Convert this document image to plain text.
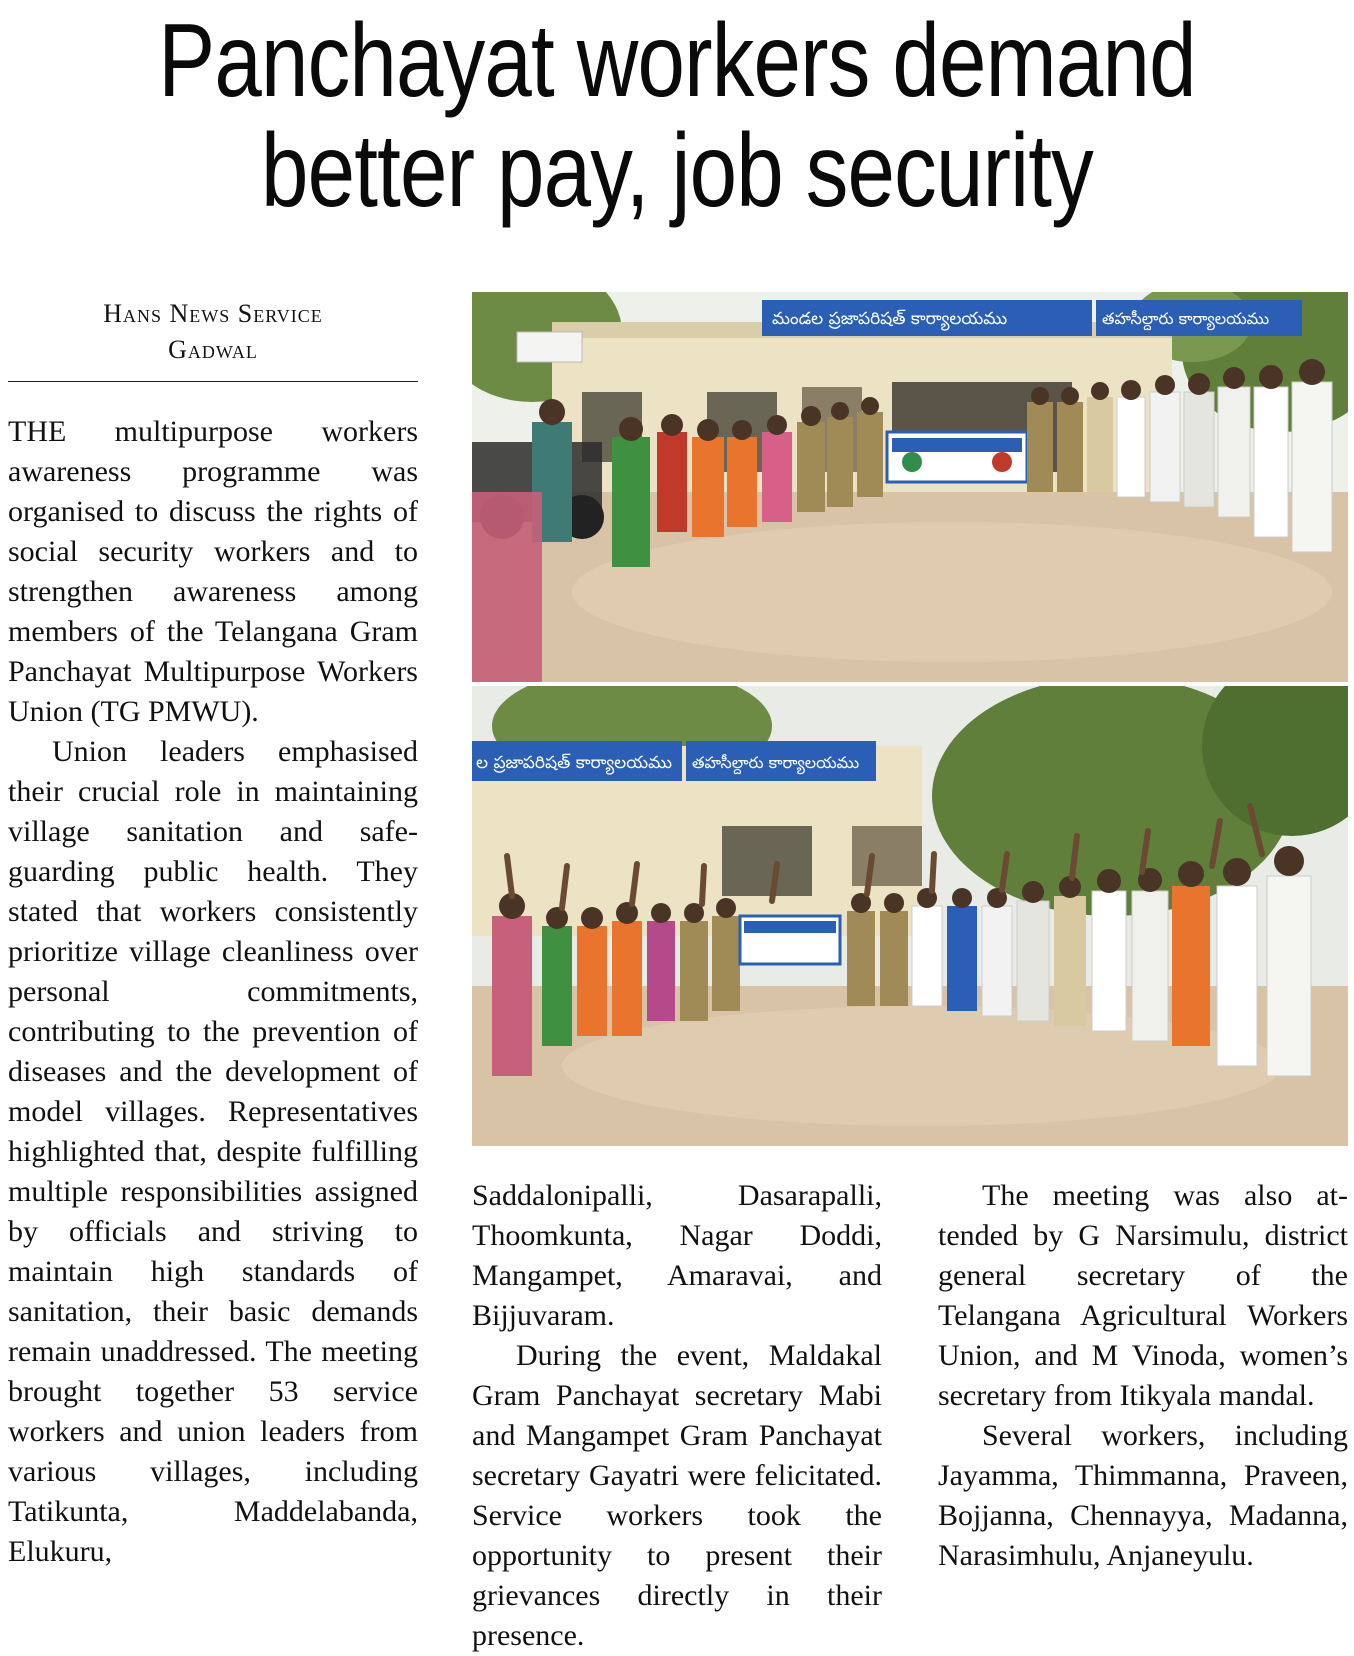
Panchayat workers demand
better pay, job security
Hans News Service
Gadwal

THE multipurpose workers awareness programme was organised to discuss the rights of social security workers and to strengthen awareness among members of the Telangana Gram Panchayat Multipurpose Workers Union (TG PMWU).

Union leaders emphasised their crucial role in maintaining village sanitation and safeguarding public health. They stated that workers consistently prioritize village cleanliness over personal commitments, contributing to the prevention of diseases and the development of model villages. Representatives highlighted that, despite fulfilling multiple responsibilities assigned by officials and striving to maintain high standards of sanitation, their basic demands remain unaddressed. The meeting brought together 53 service workers and union leaders from various villages, including Tatikunta, Maddelabanda, Elukuru,

మండల ప్రజాపరిషత్ కార్యాలయము	తహసీల్దారు కార్యాలయము
ల ప్రజాపరిషత్ కార్యాలయము తహసీల్దారు కార్యాలయము

Saddalonipalli, Dasarapalli, Thoomkunta, Nagar Doddi, Mangampet, Amaravai, and Bijjuvaram.

During the event, Maldakal Gram Panchayat secretary Mabi and Mangampet Gram Panchayat secretary Gayatri were felicitated. Service workers took the opportunity to present their grievances directly in their presence.

The meeting was also attended by G Narsimulu, district general secretary of the Telangana Agricultural Workers Union, and M Vinoda, women’s secretary from Itikyala mandal.

Several workers, including Jayamma, Thimmanna, Praveen, Bojjanna, Chennayya, Madanna, Narasimhulu, Anjaneyulu.
